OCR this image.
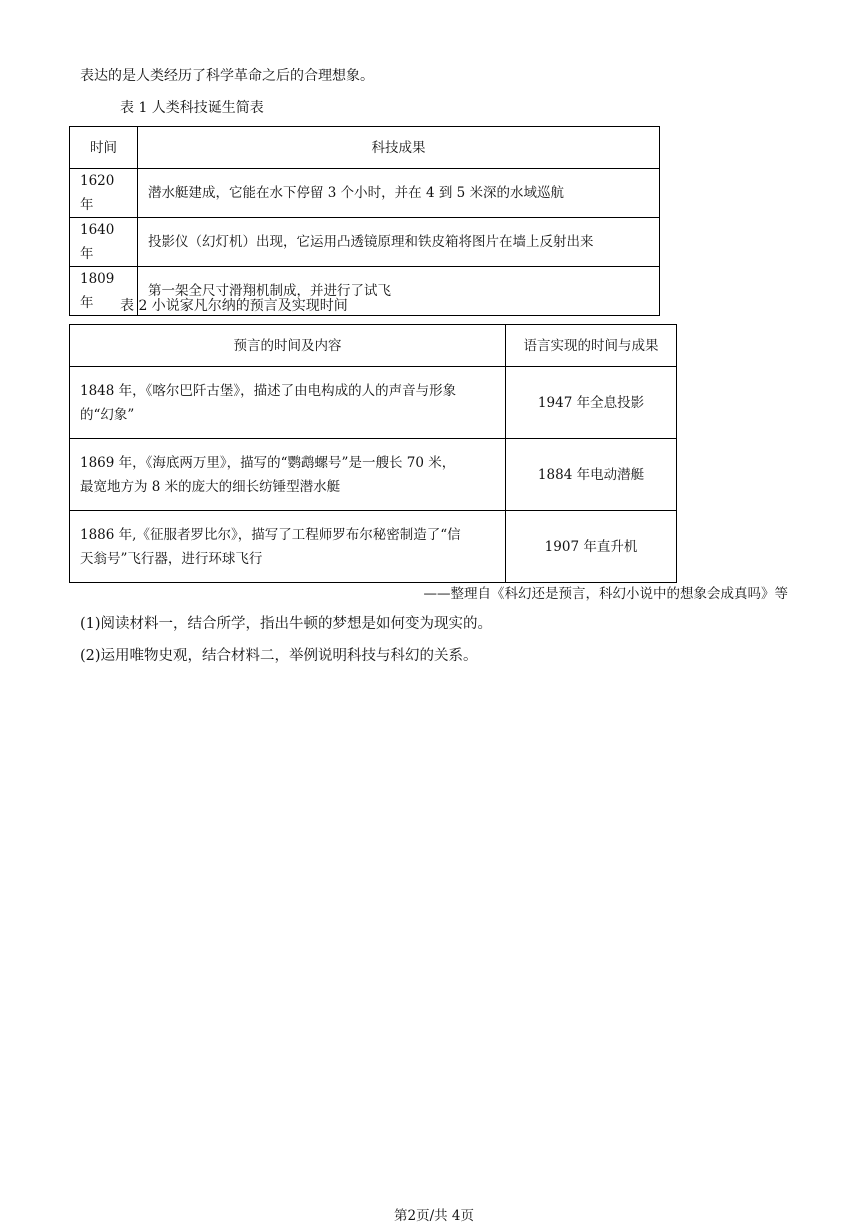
表达的是人类经历了科学革命之后的合理想象。
表 1 人类科技诞生简表
时间	科技成果
1620 年	潜水艇建成，它能在水下停留 3 个小时，并在 4 到 5 米深的水域巡航
1640 年	投影仪（幻灯机）出现，它运用凸透镜原理和铁皮箱将图片在墙上反射出来
1809 年	第一架全尺寸滑翔机制成，并进行了试飞
表 2 小说家凡尔纳的预言及实现时间
预言的时间及内容	语言实现的时间与成果

1848 年，《喀尔巴阡古堡》，描述了由电构成的人的声音与形象
的“幻象”	1947 年全息投影

1869 年，《海底两万里》，描写的“鹦鹉螺号”是一艘长 70 米，
最宽地方为 8 米的庞大的细长纺锤型潜水艇	1884 年电动潜艇

1886 年,《征服者罗比尔》，描写了工程师罗布尔秘密制造了“信
天翁号”飞行器，进行环球飞行	1907 年直升机
——整理自《科幻还是预言，科幻小说中的想象会成真吗》等
(1)阅读材料一，结合所学，指出牛顿的梦想是如何变为现实的。
(2)运用唯物史观，结合材料二，举例说明科技与科幻的关系。
第2页/共 4页
